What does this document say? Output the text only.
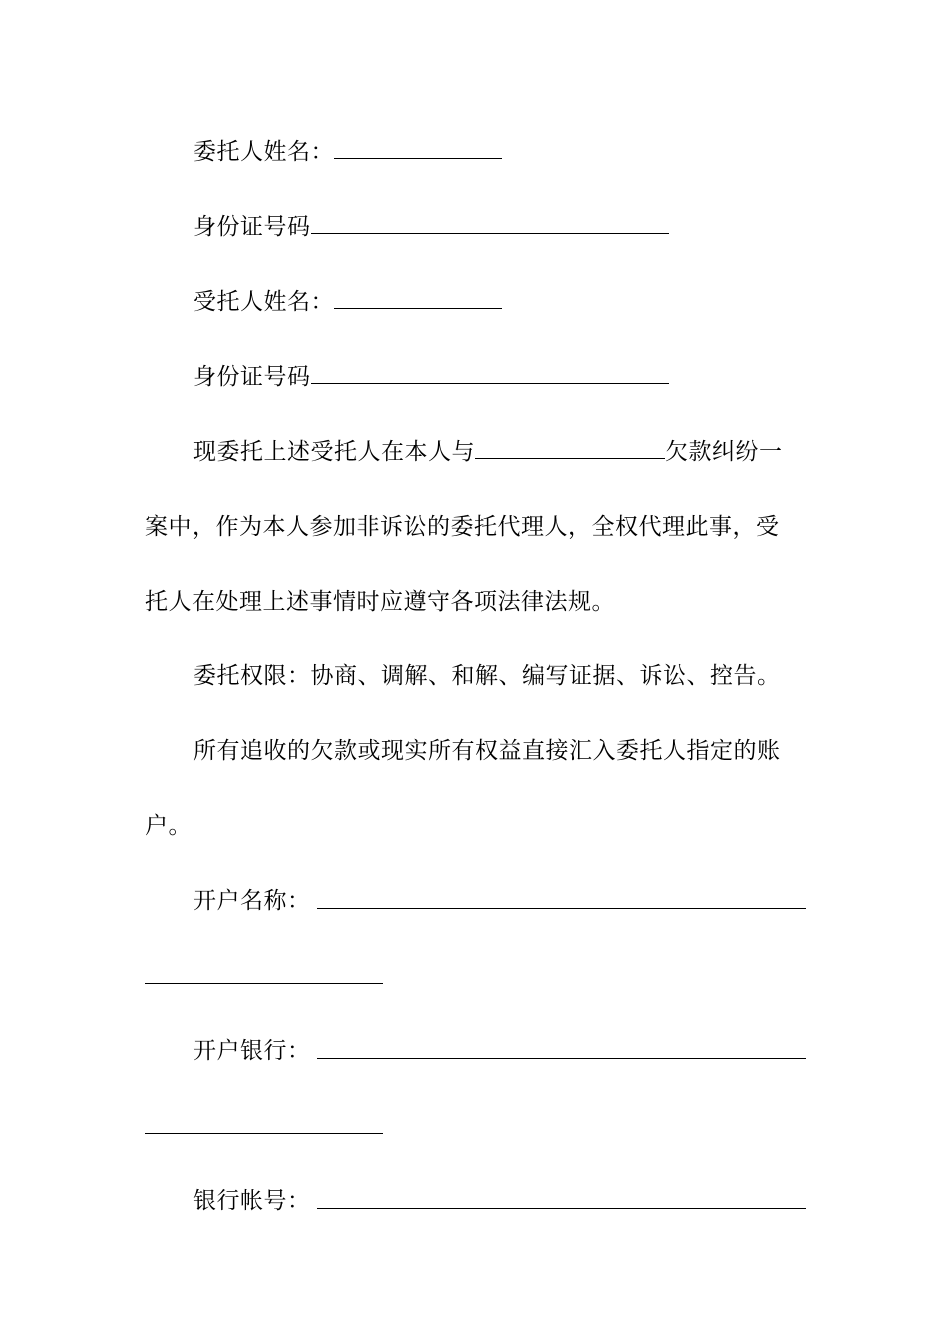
委托人姓名：
身份证号码
受托人姓名：
身份证号码
现委托上述受托人在本人与	欠款纠纷一
案中，作为本人参加非诉讼的委托代理人，全权代理此事，受
托人在处理上述事情时应遵守各项法律法规。
委托权限：协商、调解、和解、编写证据、诉讼、控告。
所有追收的欠款或现实所有权益直接汇入委托人指定的账
户。
开户名称：
开户银行：
银行帐号：
